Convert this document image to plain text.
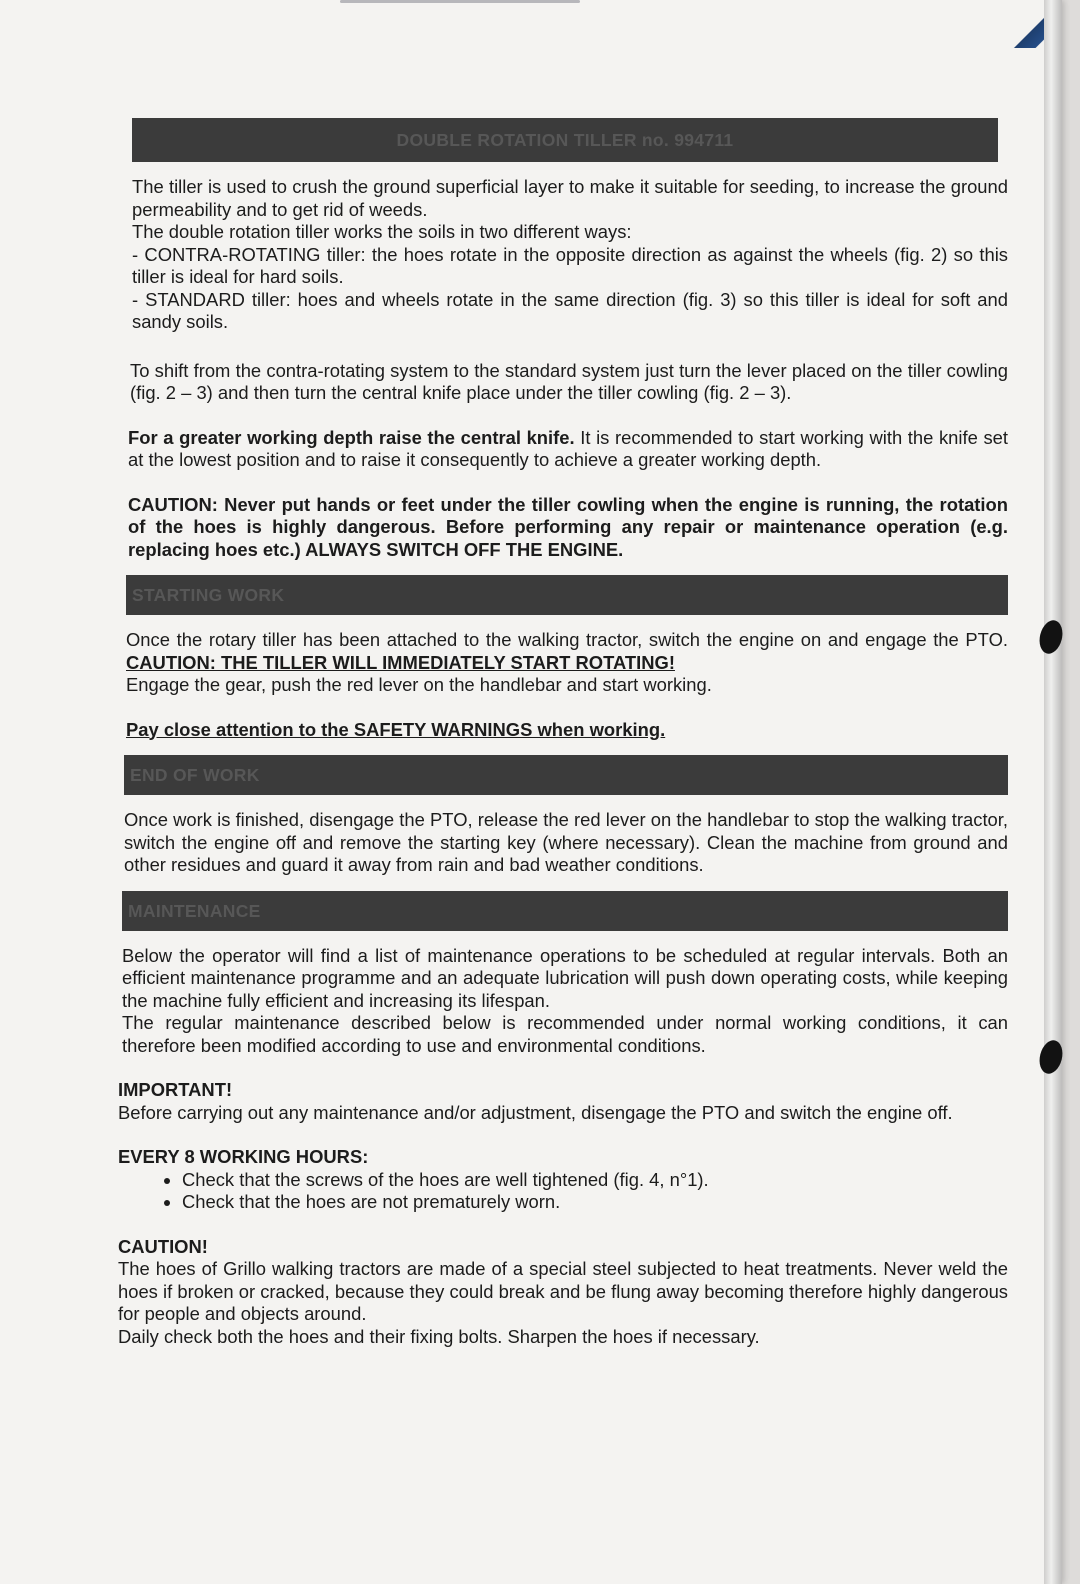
DOUBLE ROTATION TILLER no. 994711

The tiller is used to crush the ground superficial layer to make it suitable for seeding, to increase the ground permeability and to get rid of weeds.

The double rotation tiller works the soils in two different ways:

- CONTRA-ROTATING tiller: the hoes rotate in the opposite direction as against the wheels (fig. 2) so this tiller is ideal for hard soils.

- STANDARD tiller: hoes and wheels rotate in the same direction (fig. 3) so this tiller is ideal for soft and sandy soils.

To shift from the contra-rotating system to the standard system just turn the lever placed on the tiller cowling (fig. 2 – 3) and then turn the central knife place under the tiller cowling (fig. 2 – 3).

For a greater working depth raise the central knife. It is recommended to start working with the knife set at the lowest position and to raise it consequently to achieve a greater working depth.

CAUTION: Never put hands or feet under the tiller cowling when the engine is running, the rotation of the hoes is highly dangerous. Before performing any repair or maintenance operation (e.g. replacing hoes etc.) ALWAYS SWITCH OFF THE ENGINE.

STARTING WORK

Once the rotary tiller has been attached to the walking tractor, switch the engine on and engage the PTO. CAUTION: THE TILLER WILL IMMEDIATELY START ROTATING!

Engage the gear, push the red lever on the handlebar and start working.

Pay close attention to the SAFETY WARNINGS when working.

END OF WORK

Once work is finished, disengage the PTO, release the red lever on the handlebar to stop the walking tractor, switch the engine off and remove the starting key (where necessary). Clean the machine from ground and other residues and guard it away from rain and bad weather conditions.

MAINTENANCE

Below the operator will find a list of maintenance operations to be scheduled at regular intervals. Both an efficient maintenance programme and an adequate lubrication will push down operating costs, while keeping the machine fully efficient and increasing its lifespan.

The regular maintenance described below is recommended under normal working conditions, it can therefore been modified according to use and environmental conditions.

IMPORTANT!

Before carrying out any maintenance and/or adjustment, disengage the PTO and switch the engine off.

EVERY 8 WORKING HOURS:

• Check that the screws of the hoes are well tightened (fig. 4, n°1).
• Check that the hoes are not prematurely worn.

CAUTION!

The hoes of Grillo walking tractors are made of a special steel subjected to heat treatments. Never weld the hoes if broken or cracked, because they could break and be flung away becoming therefore highly dangerous for people and objects around.

Daily check both the hoes and their fixing bolts. Sharpen the hoes if necessary.
